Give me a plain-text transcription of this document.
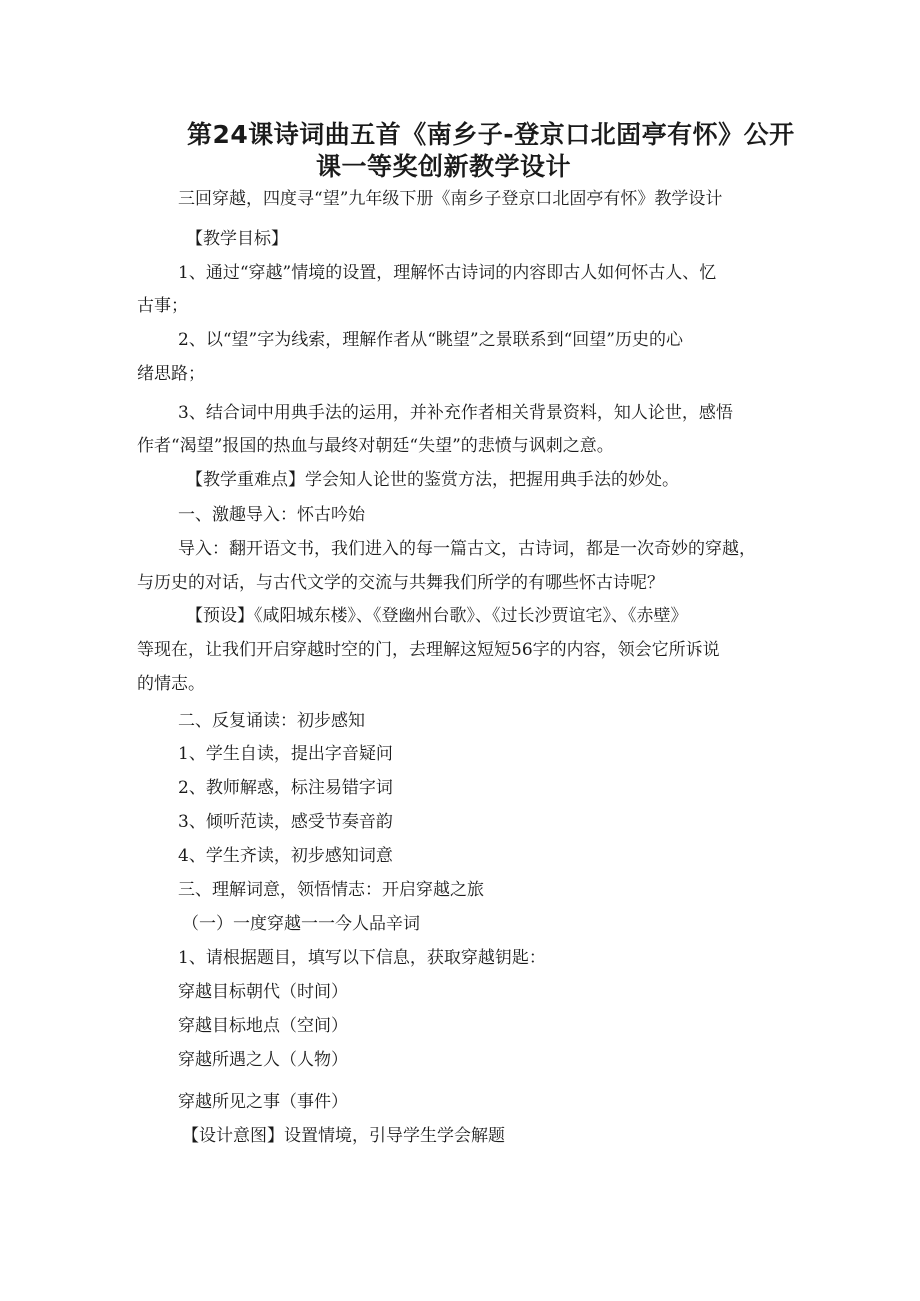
第24课诗词曲五首《南乡子-登京口北固亭有怀》公开
课一等奖创新教学设计

三回穿越，四度寻“望”九年级下册《南乡子登京口北固亭有怀》教学设计

【教学目标】

1、通过“穿越”情境的设置，理解怀古诗词的内容即古人如何怀古人、忆

古事；

2、以“望”字为线索，理解作者从“眺望”之景联系到“回望”历史的心

绪思路；

3、结合词中用典手法的运用，并补充作者相关背景资料，知人论世，感悟

作者“渴望”报国的热血与最终对朝廷“失望”的悲愤与讽刺之意。

【教学重难点】学会知人论世的鉴赏方法，把握用典手法的妙处。

一、激趣导入：怀古吟始

导入：翻开语文书，我们进入的每一篇古文，古诗词，都是一次奇妙的穿越，

与历史的对话，与古代文学的交流与共舞我们所学的有哪些怀古诗呢？

【预设】《咸阳城东楼》、《登幽州台歌》、《过长沙贾谊宅》、《赤壁》

等现在，让我们开启穿越时空的门，去理解这短短56字的内容，领会它所诉说

的情志。

二、反复诵读：初步感知

1、学生自读，提出字音疑问

2、教师解惑，标注易错字词

3、倾听范读，感受节奏音韵

4、学生齐读，初步感知词意

三、理解词意，领悟情志：开启穿越之旅

（一）一度穿越一一今人品辛词

1、请根据题目，填写以下信息，获取穿越钥匙：

穿越目标朝代（时间）

穿越目标地点（空间）

穿越所遇之人（人物）

穿越所见之事（事件）

【设计意图】设置情境，引导学生学会解题
